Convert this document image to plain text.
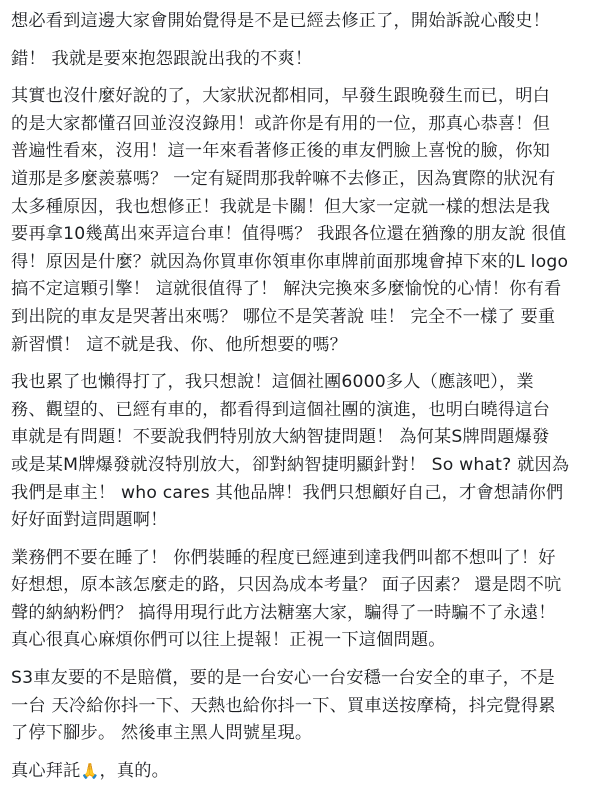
想必看到這邊大家會開始覺得是不是已經去修正了，開始訴說心酸史！

錯！ 我就是要來抱怨跟說出我的不爽！

其實也沒什麼好說的了，大家狀況都相同，早發生跟晚發生而已，明白
的是大家都懂召回並沒沒錄用！或許你是有用的一位，那真心恭喜！但
普遍性看來，沒用！這一年來看著修正後的車友們臉上喜悅的臉，你知
道那是多麼羨慕嗎？ 一定有疑問那我幹嘛不去修正，因為實際的狀況有
太多種原因，我也想修正！我就是卡關！但大家一定就一樣的想法是我
要再拿10幾萬出來弄這台車！值得嗎？ 我跟各位還在猶豫的朋友說 很值
得！原因是什麼？就因為你買車你領車你車牌前面那塊會掉下來的L logo
搞不定這顆引擎！ 這就很值得了！ 解決完換來多麼愉悅的心情！你有看
到出院的車友是哭著出來嗎？ 哪位不是笑著說 哇！ 完全不一樣了 要重
新習慣！ 這不就是我、你、他所想要的嗎？

我也累了也懶得打了，我只想說！這個社團6000多人（應該吧），業
務、觀望的、已經有車的，都看得到這個社團的演進，也明白曉得這台
車就是有問題！不要說我們特別放大納智捷問題！ 為何某S牌問題爆發
或是某M牌爆發就沒特別放大，卻對納智捷明顯針對！ So what? 就因為
我們是車主！ who cares 其他品牌！我們只想顧好自己，才會想請你們
好好面對這問題啊！

業務們不要在睡了！ 你們裝睡的程度已經連到達我們叫都不想叫了！好
好想想，原本該怎麼走的路，只因為成本考量？ 面子因素？ 還是悶不吭
聲的納納粉們？ 搞得用現行此方法糖塞大家，騙得了一時騙不了永遠！
真心很真心麻煩你們可以往上提報！正視一下這個問題。

S3車友要的不是賠償，要的是一台安心一台安穩一台安全的車子，不是
一台 天冷給你抖一下、天熱也給你抖一下、買車送按摩椅，抖完覺得累
了停下腳步。 然後車主黑人問號星現。

真心拜託🙏，真的。
